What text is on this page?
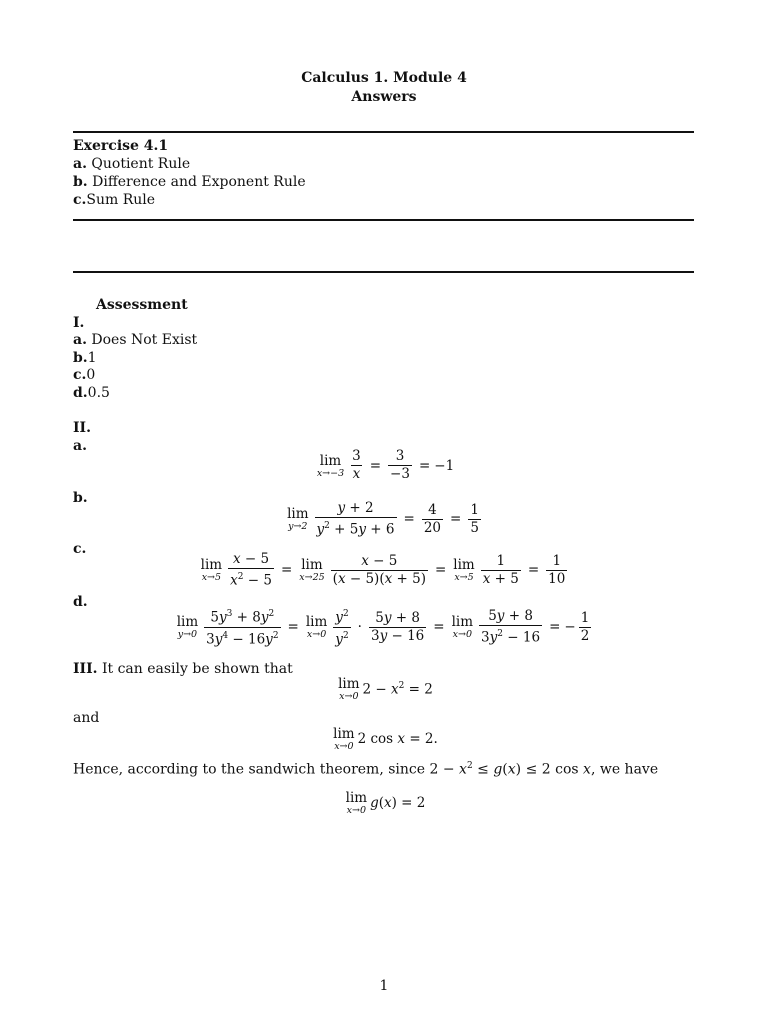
Calculus 1. Module 4
Answers
Exercise 4.1
a. Quotient Rule
b. Difference and Exponent Rule
c.Sum Rule
Assessment
I.
a. Does Not Exist
b.1
c.0
d.0.5
II.
a.
lim
$x\to-3 \frac{3}{x} = \frac{3}{-3} = -1$
b.
lim
$y\to 2 \frac{y + 2}{y^2 + 5y + 6} = \frac{4}{20} = \frac{1}{5}$
c.
lim
$x\to 5 \frac{x - 5}{x^2 - 5} = \lim$
$x\to 25 \frac{x - 5}{(x - 5)(x + 5)} = \lim$
$x\to 5 \frac{1}{x + 5} = \frac{1}{10}$
d.
lim
$y\to 0 \frac{5y^3 + 8y^2}{3y^4 - 16y^2} = \lim$
$x\to 0 \frac{y^2}{y^2} \cdot \frac{5y + 8}{3y - 16} = \lim$
$x\to 0 \frac{5y + 8}{3y^2 - 16}$ = − $\frac{1}{2}$
III. It can easily be shown that
lim
x→0 $2 - x^2 = 2$
and
lim
x→0 2 cos x = 2.
Hence, according to the sandwich theorem, since $2 - x^2 \le g(x) \le 2$ cos x, we have
lim
x→0 g(x) = 2
1
